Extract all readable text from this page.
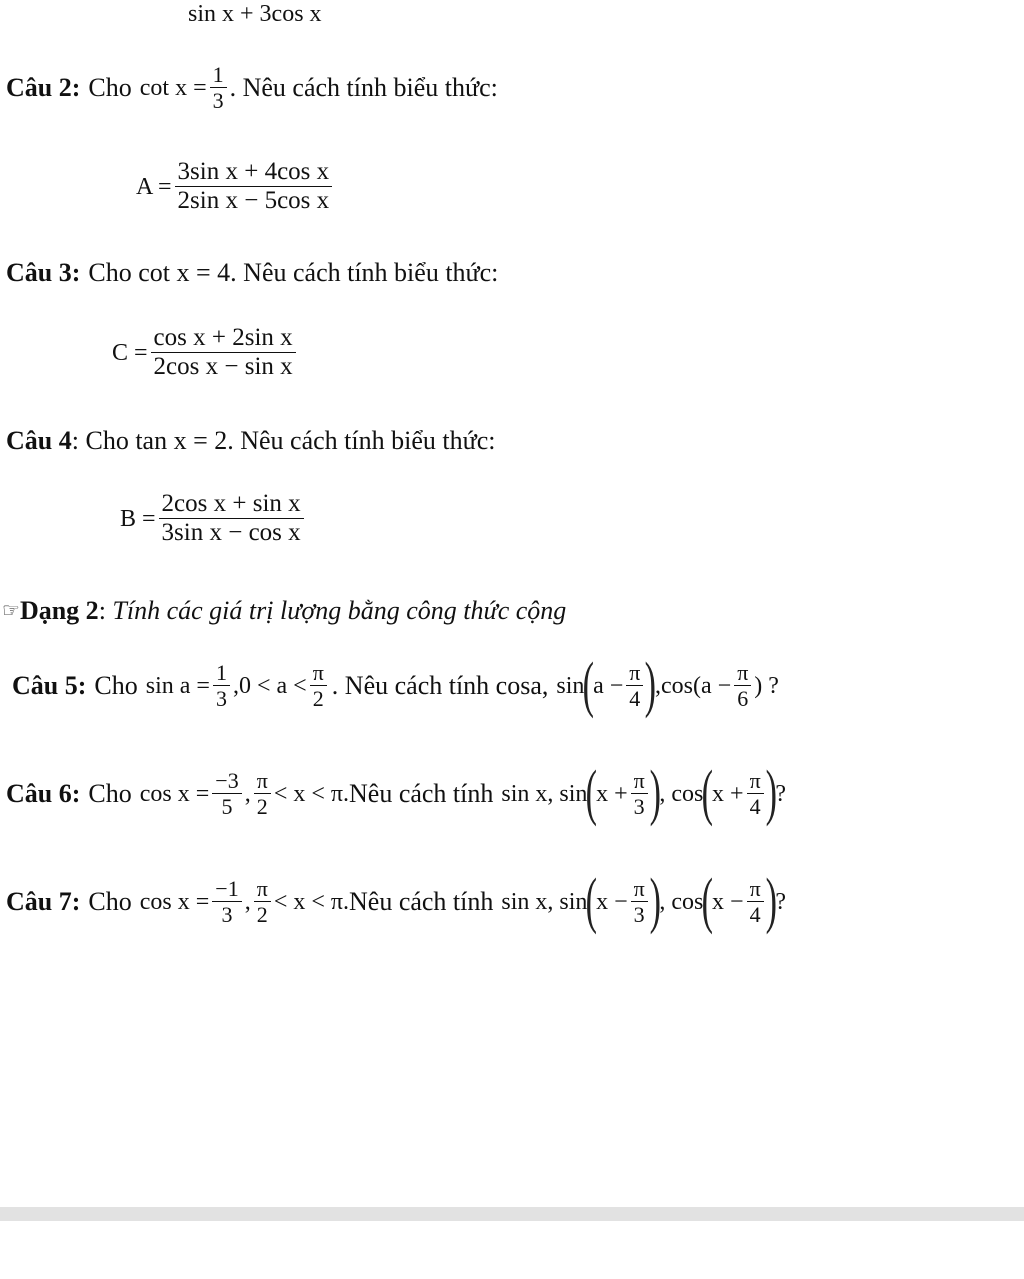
sin x + 3cos x
Câu 2: Cho $\cot x = \frac{1}{3}$ . Nêu cách tính biểu thức:
$A = \frac{\text{3sin x + 4cos x}}{\text{2sin x − 5cos x}}$
Câu 3: Cho cot x = 4. Nêu cách tính biểu thức:
$C = \frac{\text{cos x + 2sin x}}{\text{2cos x − sin x}}$
Câu 4 : Cho tan x = 2. Nêu cách tính biểu thức:
$B = \frac{\text{2cos x + sin x}}{\text{3sin x − cos x}}$
☞ Dạng 2 : Tính các giá trị lượng bằng công thức cộng
Câu 5: Cho $\sin a = \frac{1}{3} ,0 < a < \frac{\pi}{2}$ . Nêu cách tính cosa, sin
(
$a - \frac{\pi}{4}$ )
$,\cos(a - \frac{\pi}{6}$ ) ?
Câu 6: Cho $\cos x = \frac{-3}{5}$ , $\frac{\pi}{2} < x < \pi$. Nêu cách tính sin x, sin
(
$x + \frac{\pi}{3}$ )
, cos
(
$x + \frac{\pi}{4}$ )
?
Câu 7: Cho $\cos x = \frac{-1}{3}$ , $\frac{\pi}{2} < x < \pi$. Nêu cách tính sin x, sin
(
$x - \frac{\pi}{3}$ )
, cos
(
$x - \frac{\pi}{4}$ )
?
